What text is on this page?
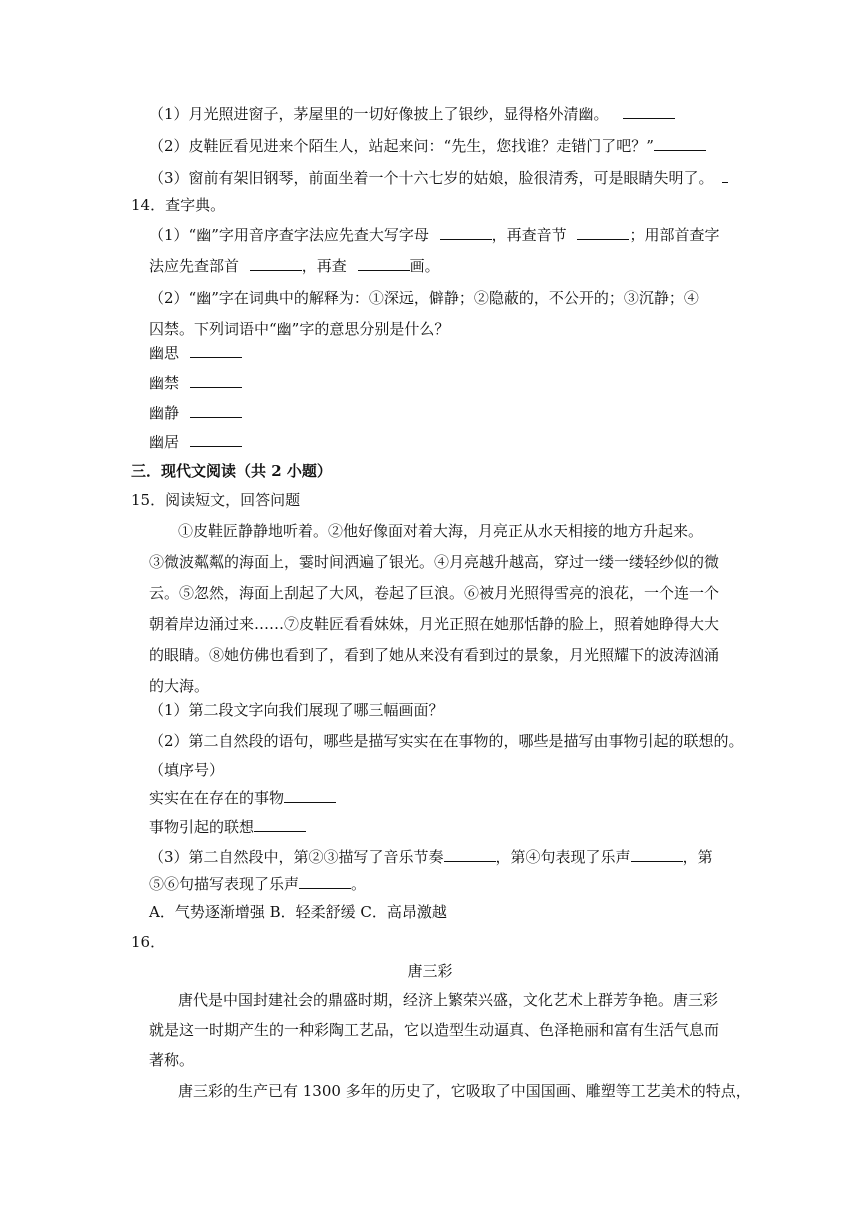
（1）月光照进窗子，茅屋里的一切好像披上了银纱，显得格外清幽。
（2）皮鞋匠看见进来个陌生人，站起来问：“先生，您找谁？走错门了吧？”
（3）窗前有架旧钢琴，前面坐着一个十六七岁的姑娘，脸很清秀，可是眼睛失明了。
14．查字典。
（1）“幽”字用音序查字法应先查大写字母	，再查音节	；用部首查字
法应先查部首	，再查	画。
（2）“幽”字在词典中的解释为：①深远，僻静；②隐蔽的，不公开的；③沉静；④
囚禁。下列词语中“幽”字的意思分别是什么？
幽思
幽禁
幽静
幽居
三．现代文阅读（共 2 小题）
15．阅读短文，回答问题
①皮鞋匠静静地听着。②他好像面对着大海，月亮正从水天相接的地方升起来。
③微波粼粼的海面上，霎时间洒遍了银光。④月亮越升越高，穿过一缕一缕轻纱似的微
云。⑤忽然，海面上刮起了大风，卷起了巨浪。⑥被月光照得雪亮的浪花，一个连一个
朝着岸边涌过来……⑦皮鞋匠看看妹妹，月光正照在她那恬静的脸上，照着她睁得大大
的眼睛。⑧她仿佛也看到了，看到了她从来没有看到过的景象，月光照耀下的波涛汹涌
的大海。
（1）第二段文字向我们展现了哪三幅画面？
（2）第二自然段的语句，哪些是描写实实在在事物的，哪些是描写由事物引起的联想的。
（填序号）
实实在在存在的事物
事物引起的联想
（3）第二自然段中，第②③描写了音乐节奏	，第④句表现了乐声	，第
⑤⑥句描写表现了乐声	。
A．气势逐渐增强 B．轻柔舒缓 C．高昂激越
16．
唐三彩
唐代是中国封建社会的鼎盛时期，经济上繁荣兴盛，文化艺术上群芳争艳。唐三彩
就是这一时期产生的一种彩陶工艺品，它以造型生动逼真、色泽艳丽和富有生活气息而
著称。
唐三彩的生产已有 1300 多年的历史了，它吸取了中国国画、雕塑等工艺美术的特点，
